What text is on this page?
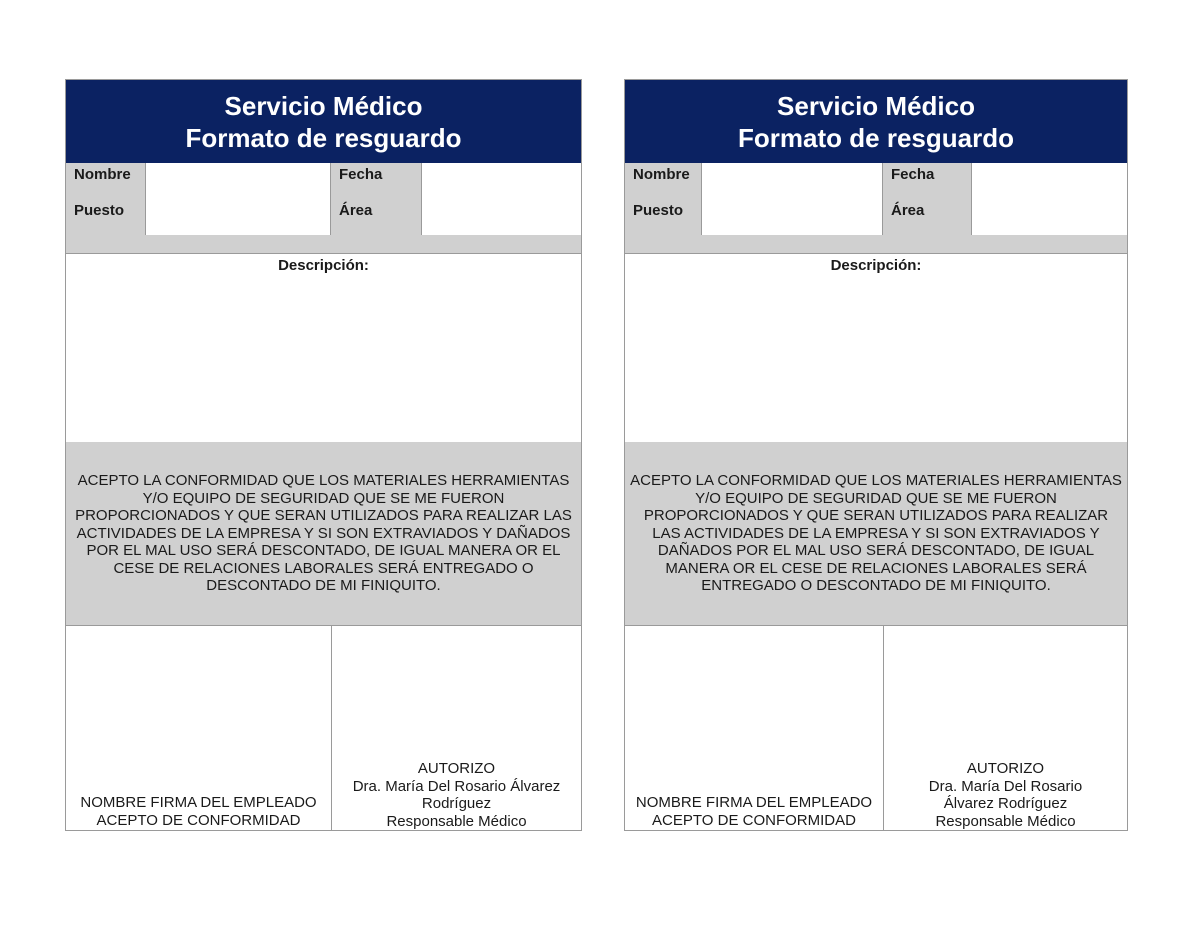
Servicio Médico
Formato de resguardo
Nombre	Fecha
Puesto	Área
Descripción:
ACEPTO LA CONFORMIDAD QUE LOS MATERIALES HERRAMIENTAS Y/O EQUIPO DE SEGURIDAD QUE SE ME FUERON PROPORCIONADOS Y QUE SERAN UTILIZADOS PARA REALIZAR LAS ACTIVIDADES DE LA EMPRESA Y SI SON EXTRAVIADOS Y DAÑADOS POR EL MAL USO SERÁ DESCONTADO, DE IGUAL MANERA OR EL CESE DE RELACIONES LABORALES SERÁ ENTREGADO O DESCONTADO DE MI FINIQUITO.
NOMBRE FIRMA DEL EMPLEADO
ACEPTO DE CONFORMIDAD
AUTORIZO
Dra. María Del Rosario Álvarez Rodríguez
Responsable Médico
Servicio Médico
Formato de resguardo
Nombre	Fecha
Puesto	Área
Descripción:
ACEPTO LA CONFORMIDAD QUE LOS MATERIALES HERRAMIENTAS Y/O EQUIPO DE SEGURIDAD QUE SE ME FUERON PROPORCIONADOS Y QUE SERAN UTILIZADOS PARA REALIZAR LAS ACTIVIDADES DE LA EMPRESA Y SI SON EXTRAVIADOS Y DAÑADOS POR EL MAL USO SERÁ DESCONTADO, DE IGUAL MANERA OR EL CESE DE RELACIONES LABORALES SERÁ ENTREGADO O DESCONTADO DE MI FINIQUITO.
NOMBRE FIRMA DEL EMPLEADO
ACEPTO DE CONFORMIDAD
AUTORIZO
Dra. María Del Rosario Álvarez Rodríguez
Responsable Médico
